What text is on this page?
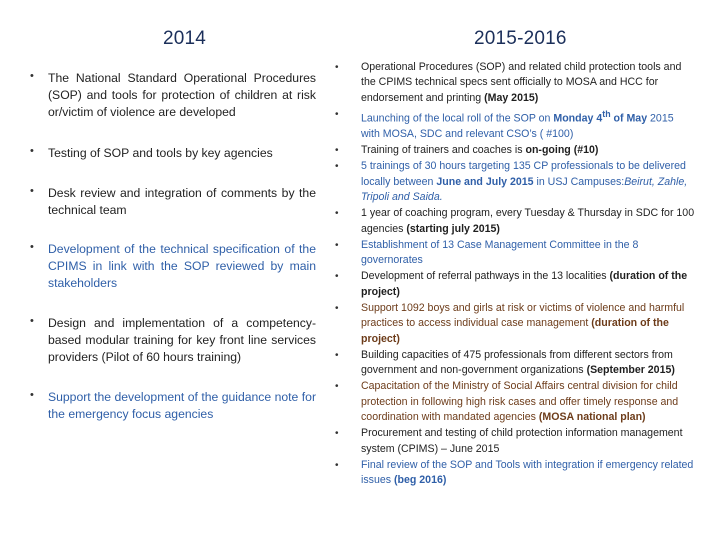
2014	2015-2016
• The National Standard Operational Procedures (SOP) and tools for protection of children at risk or/victim of violence are developed
• Testing of SOP and tools by key agencies
• Desk review and integration of comments by the technical team
• Development of the technical specification of the CPIMS in link with the SOP reviewed by main stakeholders
• Design and implementation of a competency-based modular training for key front line services providers (Pilot of 60 hours training)
• Support the development of the guidance note for the emergency focus agencies
• Operational Procedures (SOP) and related child protection tools and the CPIMS technical specs sent officially to MOSA and HCC for endorsement and printing (May 2015)
• Launching of the local roll of the SOP on Monday 4th of May 2015 with MOSA, SDC and relevant CSO’s ( #100)
• Training of trainers and coaches is on-going (#10)
• 5 trainings of 30 hours targeting 135 CP professionals to be delivered locally between June and July 2015 in USJ Campuses:Beirut, Zahle, Tripoli and Saida.
• 1 year of coaching program, every Tuesday & Thursday in SDC for 100 agencies (starting july 2015)
• Establishment of 13 Case Management Committee in the 8 governorates
• Development of referral pathways in the 13 localities (duration of the project)
• Support 1092 boys and girls at risk or victims of violence and harmful practices to access individual case management (duration of the project)
• Building capacities of 475 professionals from different sectors from government and non-government organizations (September 2015)
• Capacitation of the Ministry of Social Affairs central division for child protection in following high risk cases and offer timely response and coordination with mandated agencies (MOSA national plan)
• Procurement and testing of child protection information management system (CPIMS) – June 2015
• Final review of the SOP and Tools with integration if emergency related issues (beg 2016)
